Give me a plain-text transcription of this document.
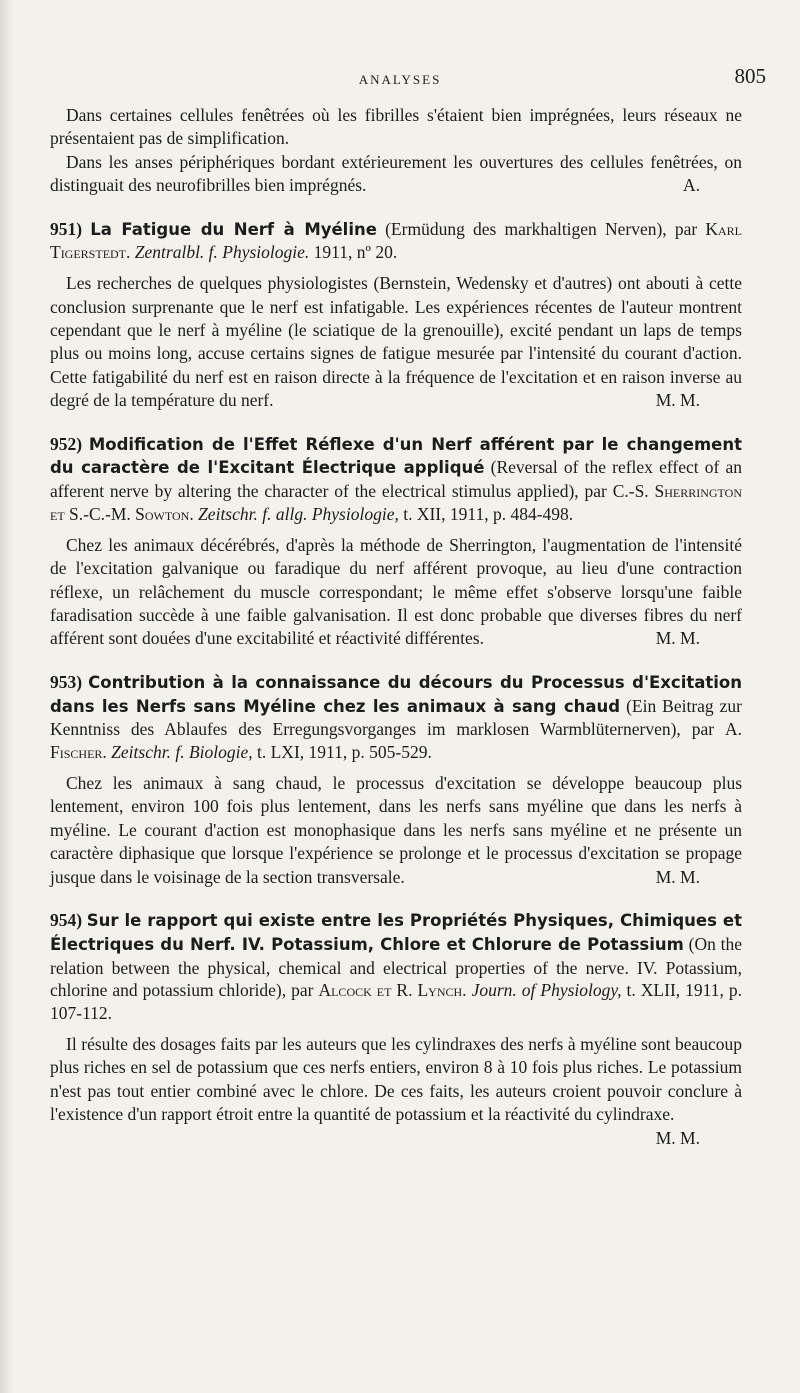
ANALYSES	805

Dans certaines cellules fenêtrées où les fibrilles s'étaient bien imprégnées, leurs réseaux ne présentaient pas de simplification.

Dans les anses périphériques bordant extérieurement les ouvertures des cellules fenêtrées, on distinguait des neurofibrilles bien imprégnés.	A.

951) La Fatigue du Nerf à Myéline (Ermüdung des markhaltigen Nerven), par Karl Tigerstedt. Zentralbl. f. Physiologie. 1911, nº 20.

Les recherches de quelques physiologistes (Bernstein, Wedensky et d'autres) ont abouti à cette conclusion surprenante que le nerf est infatigable. Les expériences récentes de l'auteur montrent cependant que le nerf à myéline (le sciatique de la grenouille), excité pendant un laps de temps plus ou moins long, accuse certains signes de fatigue mesurée par l'intensité du courant d'action. Cette fatigabilité du nerf est en raison directe à la fréquence de l'excitation et en raison inverse au degré de la température du nerf.	M. M.

952) Modification de l'Effet Réflexe d'un Nerf afférent par le changement du caractère de l'Excitant Électrique appliqué (Reversal of the reflex effect of an afferent nerve by altering the character of the electrical stimulus applied), par C.-S. Sherrington et S.-C.-M. Sowton. Zeitschr. f. allg. Physiologie, t. XII, 1911, p. 484-498.

Chez les animaux décérébrés, d'après la méthode de Sherrington, l'augmentation de l'intensité de l'excitation galvanique ou faradique du nerf afférent provoque, au lieu d'une contraction réflexe, un relâchement du muscle correspondant; le même effet s'observe lorsqu'une faible faradisation succède à une faible galvanisation. Il est donc probable que diverses fibres du nerf afférent sont douées d'une excitabilité et réactivité différentes.	M. M.

953) Contribution à la connaissance du décours du Processus d'Excitation dans les Nerfs sans Myéline chez les animaux à sang chaud (Ein Beitrag zur Kenntniss des Ablaufes des Erregungsvorganges im marklosen Warmblüternerven), par A. Fischer. Zeitschr. f. Biologie, t. LXI, 1911, p. 505-529.

Chez les animaux à sang chaud, le processus d'excitation se développe beaucoup plus lentement, environ 100 fois plus lentement, dans les nerfs sans myéline que dans les nerfs à myéline. Le courant d'action est monophasique dans les nerfs sans myéline et ne présente un caractère diphasique que lorsque l'expérience se prolonge et le processus d'excitation se propage jusque dans le voisinage de la section transversale.	M. M.

954) Sur le rapport qui existe entre les Propriétés Physiques, Chimiques et Électriques du Nerf. IV. Potassium, Chlore et Chlorure de Potassium (On the relation between the physical, chemical and electrical properties of the nerve. IV. Potassium, chlorine and potassium chloride), par Alcock et R. Lynch. Journ. of Physiology, t. XLII, 1911, p. 107-112.

Il résulte des dosages faits par les auteurs que les cylindraxes des nerfs à myéline sont beaucoup plus riches en sel de potassium que ces nerfs entiers, environ 8 à 10 fois plus riches. Le potassium n'est pas tout entier combiné avec le chlore. De ces faits, les auteurs croient pouvoir conclure à l'existence d'un rapport étroit entre la quantité de potassium et la réactivité du cylindraxe.

M. M.
